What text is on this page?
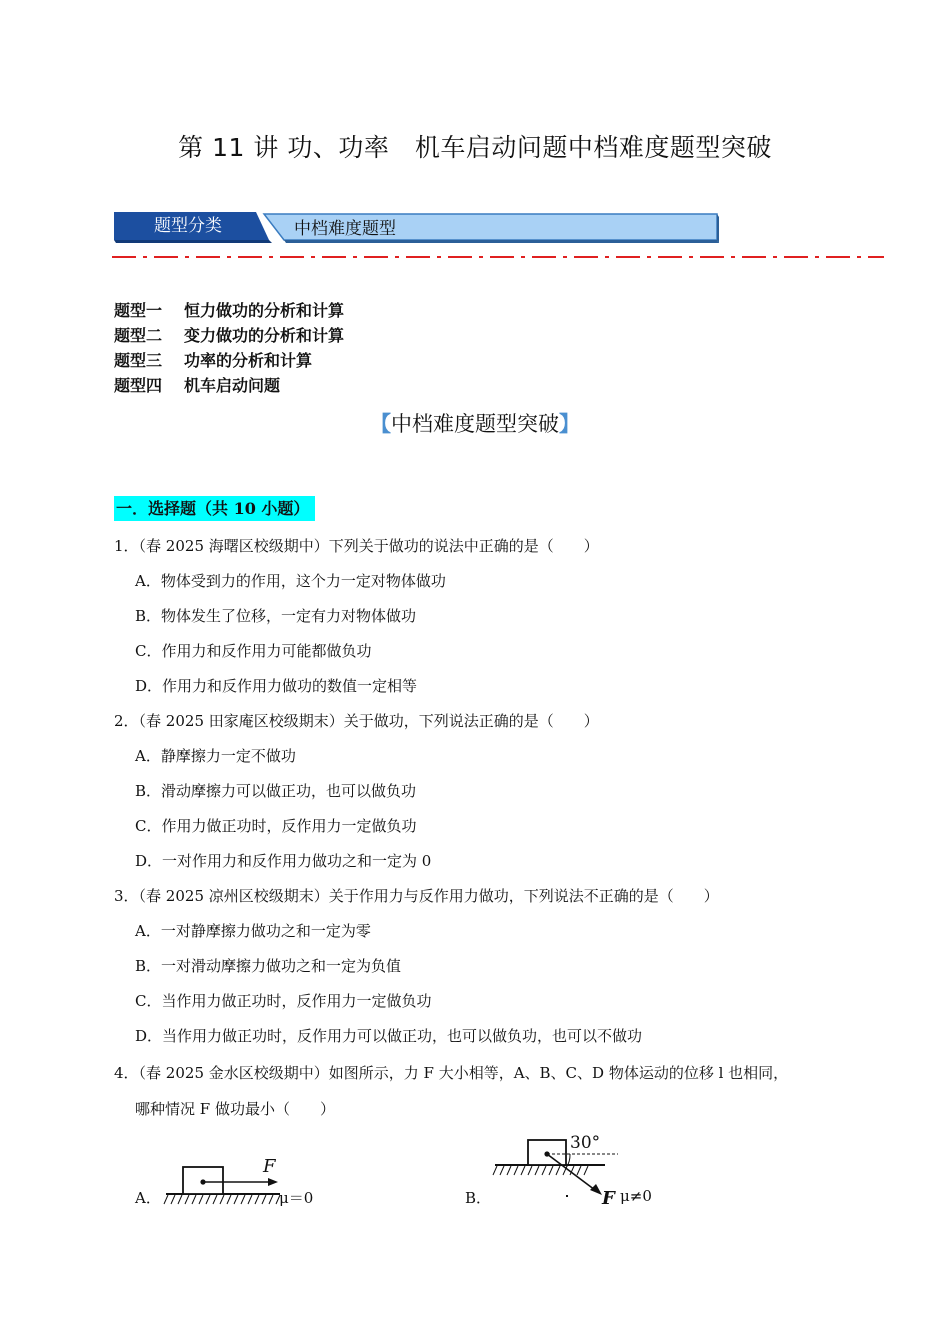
第 11 讲 功、功率　机车启动问题中档难度题型突破
题型分类	中档难度题型
题型一 恒力做功的分析和计算
题型二 变力做功的分析和计算
题型三 功率的分析和计算
题型四 机车启动问题
【中档难度题型突破】
一．选择题（共 10 小题）
1．（春 2025 海曙区校级期中）下列关于做功的说法中正确的是（　　）
A．物体受到力的作用，这个力一定对物体做功
B．物体发生了位移，一定有力对物体做功
C．作用力和反作用力可能都做负功
D．作用力和反作用力做功的数值一定相等
2．（春 2025 田家庵区校级期末）关于做功，下列说法正确的是（　　）
A．静摩擦力一定不做功
B．滑动摩擦力可以做正功，也可以做负功
C．作用力做正功时，反作用力一定做负功
D．一对作用力和反作用力做功之和一定为 0
3．（春 2025 凉州区校级期末）关于作用力与反作用力做功，下列说法不正确的是（　　）
A．一对静摩擦力做功之和一定为零
B．一对滑动摩擦力做功之和一定为负值
C．当作用力做正功时，反作用力一定做负功
D．当作用力做正功时，反作用力可以做正功，也可以做负功，也可以不做功
4．（春 2025 金水区校级期中）如图所示，力 F 大小相等，A、B、C、D 物体运动的位移 l 也相同，
哪种情况 F 做功最小（　　）
A．
F
μ＝0	B．
30°
F μ≠0
